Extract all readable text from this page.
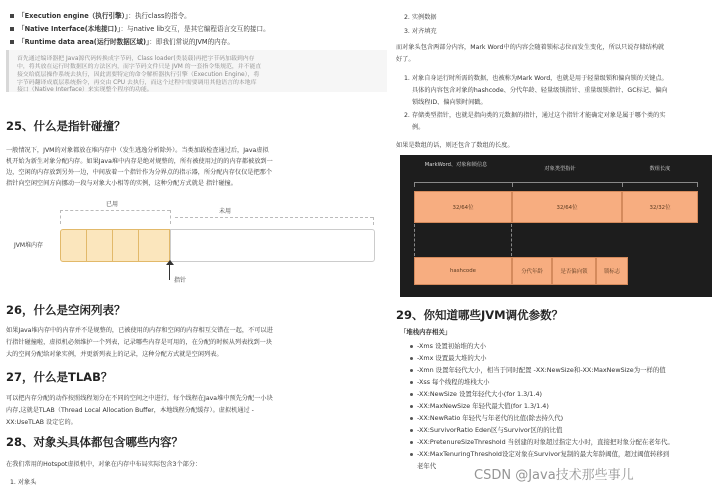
「Execution engine（执行引擎）」：执行class的指令。
「Native Interface(本地接口)」：与native lib交互，是其它编程语言交互的接口。
「Runtime data area(运行时数据区域)」：即我们常说的JVM的内存。
首先通过编译器把 Java源代码转换成字节码，Class loader(类装载)再把字节码加载到内存
中，将其放在运行时数据区的方法区内，而字节码文件只是 JVM 的一套指令集规范，并不能直
接交给底层操作系统去执行，因此需要特定的命令解析器执行引擎（Execution Engine），将
字节码翻译成底层系统指令，再交由 CPU 去执行，而这个过程中需要调用其他语言的本地库
接口（Native Interface）来实现整个程序的功能。
25、什么是指针碰撞？
一般情况下，JVM的对象都放在堆内存中（发生逃逸分析除外）。当类加载检查通过后，Java虚拟
机开始为新生对象分配内存。如果Java堆中内存是绝对规整的，所有被使用过的的内存都被放到一
边，空闲的内存放到另外一边，中间放着一个指针作为分界点的指示器，所分配内存仅仅是把那个
指针向空闲空间方向挪动一段与对象大小相等的实例，这种分配方式就是 指针碰撞。
已用
未用
JVM堆内存
指针
26，什么是空闲列表？
如果Java堆内存中的内存并不是规整的，已被使用的内存和空闲的内存相互交错在一起，不可以进
行指针碰撞啦，虚拟机必须维护一个列表，记录哪些内存是可用的，在分配的时候从列表找到一块
大的空间分配给对象实例，并更新列表上的记录，这种分配方式就是空闲列表。
27，什么是TLAB？
可以把内存分配的动作按照线程划分在不同的空间之中进行，每个线程在Java堆中预先分配一小块
内存,这就是TLAB（Thread Local Allocation Buffer，本地线程分配缓存）。虚拟机通过 -
XX:UseTLAB 设定它的。
28、对象头具体都包含哪些内容？
在我们常用的Hotspot虚拟机中，对象在内存中布局实际包含3个部分：
1. 对象头
2. 实例数据
3. 对齐填充
而对象头包含两部分内容，Mark Word中的内容会随着锁标志位而发生变化，所以只说存储结构就
好了。
1. 对象自身运行时所需的数据，也被称为Mark Word，也就是用于轻量级锁和偏向锁的关键点。
具体的内容包含对象的hashcode、分代年龄、轻量级锁指针、重量级锁指针、GC标记、偏向
锁线程ID、偏向锁时间戳。
2. 存储类型指针，也就是指向类的元数据的指针，通过这个指针才能确定对象是属于哪个类的实
例。
如果是数组的话，则还包含了数组的长度。
MarkWord、对象和锁信息
对象类型指针	数组长度
32/64位	32/64位	32/32位
hashcode	分代年龄	是否偏向锁	锁标志
29、你知道哪些JVM调优参数？
「堆栈内存相关」
-Xms 设置初始堆的大小
-Xmx 设置最大堆的大小
-Xmn 设置年轻代大小，相当于同时配置 -XX:NewSize和-XX:MaxNewSize为一样的值
-Xss 每个线程的堆栈大小
-XX:NewSize 设置年轻代大小(for 1.3/1.4)
-XX:MaxNewSize 年轻代最大值(for 1.3/1.4)
-XX:NewRatio 年轻代与年老代的比值(除去持久代)
-XX:SurvivorRatio Eden区与Survivor区的的比值
-XX:PretenureSizeThreshold 当创建的对象超过指定大小时，直接把对象分配在老年代。
-XX:MaxTenuringThreshold设定对象在Survivor复制的最大年龄阈值，超过阈值转移到
老年代
CSDN @Java技术那些事儿
